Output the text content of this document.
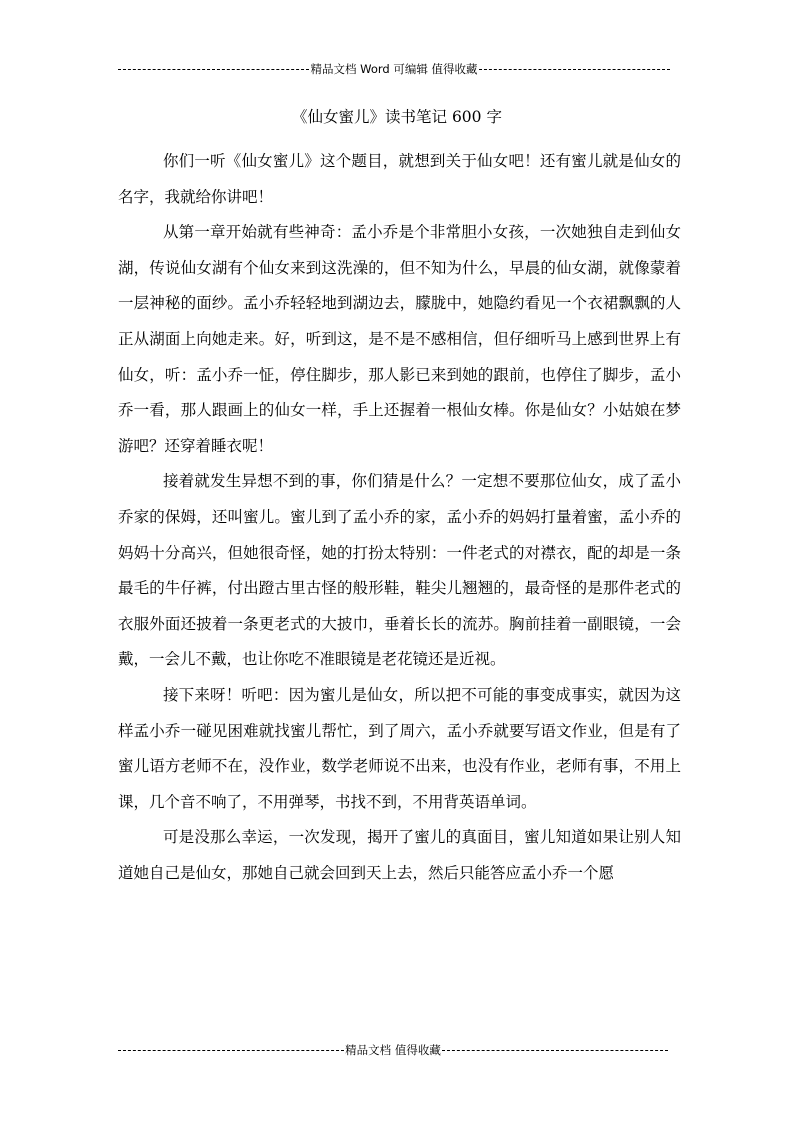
精品文档 Word 可编辑 值得收藏
《仙女蜜儿》读书笔记 600 字

你们一听《仙女蜜儿》这个题目，就想到关于仙女吧！还有蜜儿就是仙女的名字，我就给你讲吧！

从第一章开始就有些神奇：孟小乔是个非常胆小女孩，一次她独自走到仙女湖，传说仙女湖有个仙女来到这洗澡的，但不知为什么，早晨的仙女湖，就像蒙着一层神秘的面纱。孟小乔轻轻地到湖边去，朦胧中，她隐约看见一个衣裙飘飘的人正从湖面上向她走来。好，听到这，是不是不感相信，但仔细听马上感到世界上有仙女，听：孟小乔一怔，停住脚步，那人影已来到她的跟前，也停住了脚步，孟小乔一看，那人跟画上的仙女一样，手上还握着一根仙女棒。你是仙女？小姑娘在梦游吧？还穿着睡衣呢！

接着就发生异想不到的事，你们猜是什么？一定想不要那位仙女，成了孟小乔家的保姆，还叫蜜儿。蜜儿到了孟小乔的家，孟小乔的妈妈打量着蜜，孟小乔的妈妈十分高兴，但她很奇怪，她的打扮太特别：一件老式的对襟衣，配的却是一条最毛的牛仔裤，付出蹬古里古怪的般形鞋，鞋尖儿翘翘的，最奇怪的是那件老式的衣服外面还披着一条更老式的大披巾，垂着长长的流苏。胸前挂着一副眼镜，一会戴，一会儿不戴，也让你吃不准眼镜是老花镜还是近视。

接下来呀！听吧：因为蜜儿是仙女，所以把不可能的事变成事实，就因为这样孟小乔一碰见困难就找蜜儿帮忙，到了周六，孟小乔就要写语文作业，但是有了蜜儿语方老师不在，没作业，数学老师说不出来，也没有作业，老师有事，不用上课，几个音不响了，不用弹琴，书找不到，不用背英语单词。

可是没那么幸运，一次发现，揭开了蜜儿的真面目，蜜儿知道如果让别人知道她自己是仙女，那她自己就会回到天上去，然后只能答应孟小乔一个愿

精品文档 值得收藏
